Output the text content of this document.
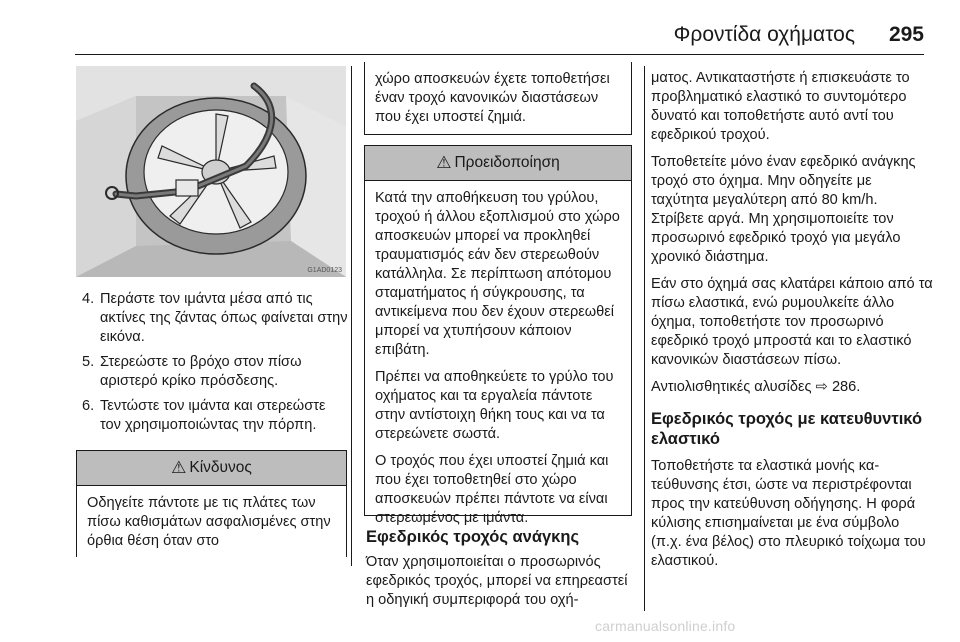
Φροντίδα οχήματος 295
G1AD0123
4. Περάστε τον ιμάντα μέσα από τις ακτίνες της ζάντας όπως φαίνεται στην εικόνα.
5. Στερεώστε το βρόχο στον πίσω αριστερό κρίκο πρόσδεσης.
6. Τεντώστε τον ιμάντα και στερεώστε τον χρησιμοποιώντας την πόρπη.
⚠ Κίνδυνος

Οδηγείτε πάντοτε με τις πλάτες των πίσω καθισμάτων ασφαλισμένες στην όρθια θέση όταν στο

χώρο αποσκευών έχετε τοποθετήσει έναν τροχό κανονικών διαστάσεων που έχει υποστεί ζημιά.

⚠ Προειδοποίηση

Κατά την αποθήκευση του γρύλου, τροχού ή άλλου εξοπλισμού στο χώρο αποσκευών μπορεί να προκληθεί τραυματισμός εάν δεν στερεωθούν κατάλληλα. Σε περίπτωση απότομου σταματήματος ή σύγκρουσης, τα αντικείμενα που δεν έχουν στερεωθεί μπορεί να χτυπήσουν κάποιον επιβάτη.

Πρέπει να αποθηκεύετε το γρύλο του οχήματος και τα εργαλεία πάντοτε στην αντίστοιχη θήκη τους και να τα στερεώνετε σωστά.

Ο τροχός που έχει υποστεί ζημιά και που έχει τοποθετηθεί στο χώρο αποσκευών πρέπει πάντοτε να είναι στερεωμένος με ιμάντα.

Εφεδρικός τροχός ανάγκης

Όταν χρησιμοποιείται ο προσωρινός εφεδρικός τροχός, μπορεί να επηρεαστεί η οδηγική συμπεριφορά του οχή-

ματος. Αντικαταστήστε ή επισκευάστε το προβληματικό ελαστικό το συντομότερο δυνατό και τοποθετήστε αυτό αντί του εφεδρικού τροχού.

Τοποθετείτε μόνο έναν εφεδρικό ανάγκης τροχό στο όχημα. Μην οδηγείτε με ταχύτητα μεγαλύτερη από 80 km/h. Στρίβετε αργά. Μη χρησιμοποιείτε τον προσωρινό εφεδρικό τροχό για μεγάλο χρονικό διάστημα.

Εάν στο όχημά σας κλατάρει κάποιο από τα πίσω ελαστικά, ενώ ρυμουλκείτε άλλο όχημα, τοποθετήστε τον προσωρινό εφεδρικό τροχό μπροστά και το ελαστικό κανονικών διαστάσεων πίσω.

Αντιολισθητικές αλυσίδες ⇨ 286.

Εφεδρικός τροχός με κατευθυντικό ελαστικό

Τοποθετήστε τα ελαστικά μονής κατεύθυνσης έτσι, ώστε να περιστρέφονται προς την κατεύθυνση οδήγησης. Η φορά κύλισης επισημαίνεται με ένα σύμβολο (π.χ. ένα βέλος) στο πλευρικό τοίχωμα του ελαστικού.

carmanualsonline.info
